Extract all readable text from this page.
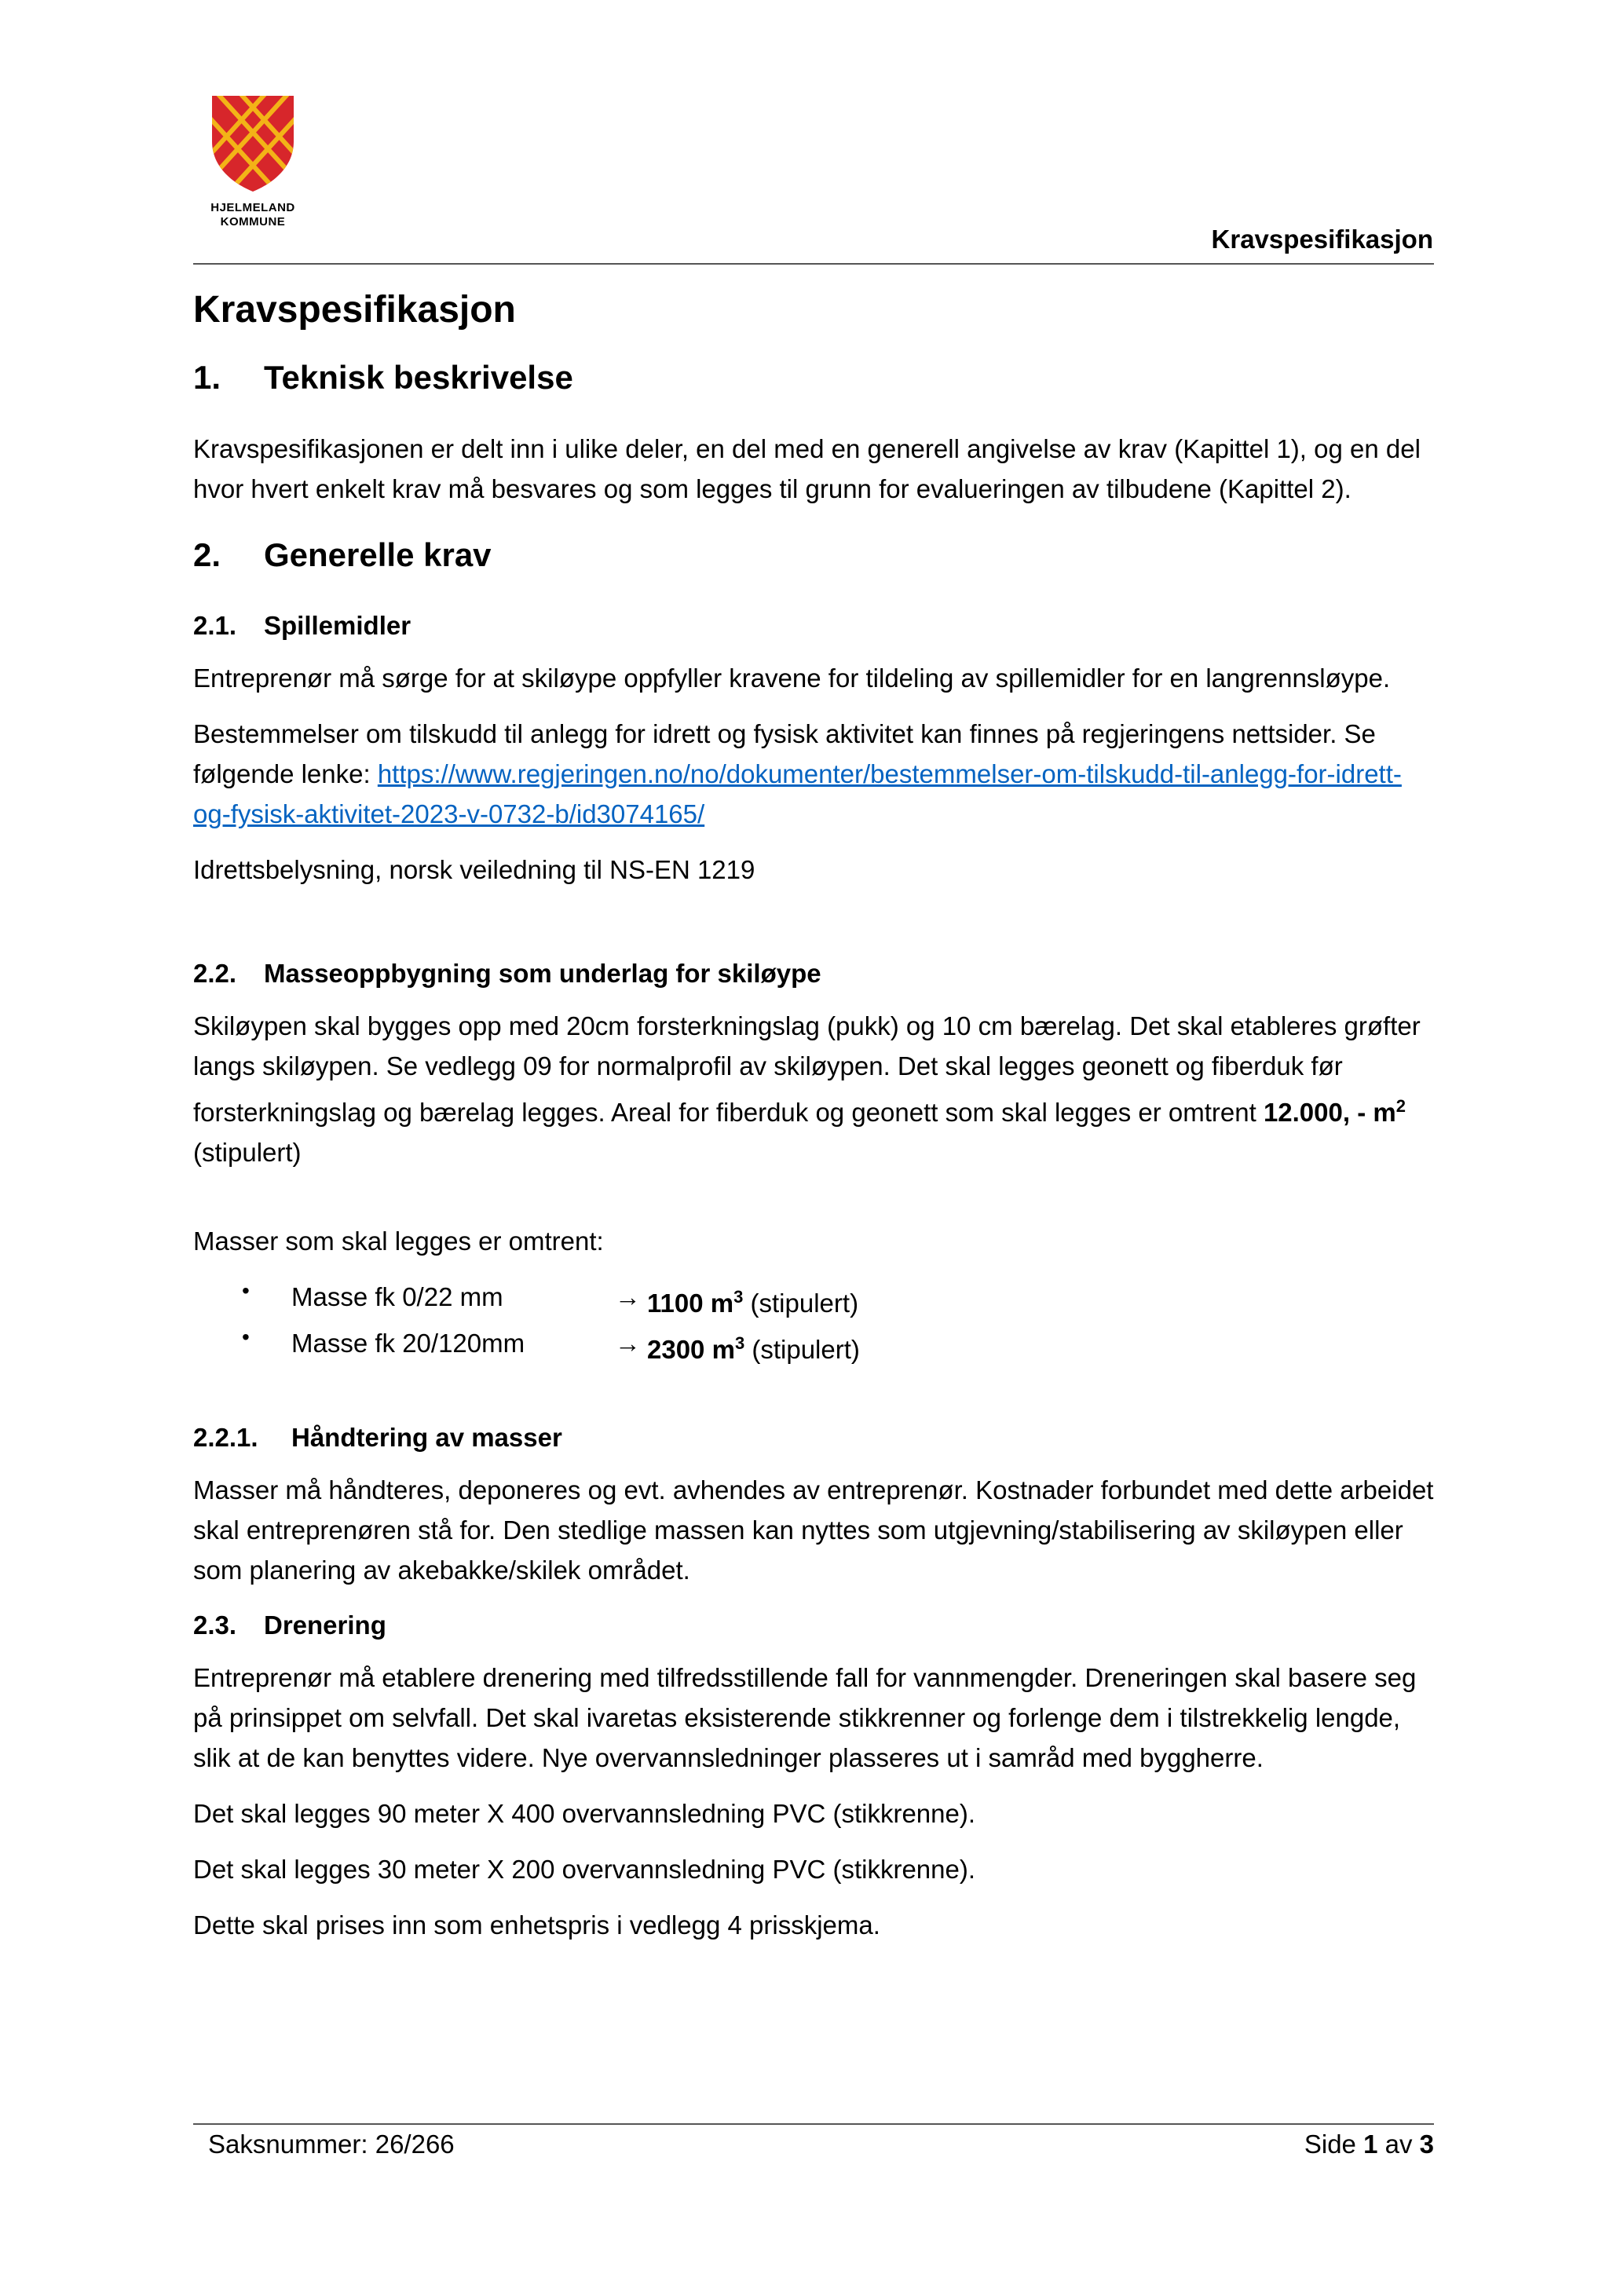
HJELMELAND
KOMMUNE
Kravspesifikasjon
Kravspesifikasjon
1.	Teknisk beskrivelse

Kravspesifikasjonen er delt inn i ulike deler, en del med en generell angivelse av krav (Kapittel 1), og en del hvor hvert enkelt krav må besvares og som legges til grunn for evalueringen av tilbudene (Kapittel 2).

2.	Generelle krav
2.1.	Spillemidler

Entreprenør må sørge for at skiløype oppfyller kravene for tildeling av spillemidler for en langrennsløype.

Bestemmelser om tilskudd til anlegg for idrett og fysisk aktivitet kan finnes på regjeringens nettsider. Se følgende lenke: https://www.regjeringen.no/no/dokumenter/bestemmelser-om-tilskudd-til-anlegg-for-idrett-og-fysisk-aktivitet-2023-v-0732-b/id3074165/

Idrettsbelysning, norsk veiledning til NS-EN 1219

2.2.	Masseoppbygning som underlag for skiløype

Skiløypen skal bygges opp med 20cm forsterkningslag (pukk) og 10 cm bærelag. Det skal etableres grøfter langs skiløypen. Se vedlegg 09 for normalprofil av skiløypen. Det skal legges geonett og fiberduk før forsterkningslag og bærelag legges. Areal for fiberduk og geonett som skal legges er omtrent 12.000, - $m^2$ (stipulert)

Masser som skal legges er omtrent:

•	Masse fk 0/22 mm	→ 1100 $m^3$ (stipulert)
•	Masse fk 20/120mm	→ 2300 $m^3$ (stipulert)
2.2.1.	Håndtering av masser

Masser må håndteres, deponeres og evt. avhendes av entreprenør. Kostnader forbundet med dette arbeidet skal entreprenøren stå for. Den stedlige massen kan nyttes som utgjevning/stabilisering av skiløypen eller som planering av akebakke/skilek området.

2.3.	Drenering

Entreprenør må etablere drenering med tilfredsstillende fall for vannmengder. Dreneringen skal basere seg på prinsippet om selvfall. Det skal ivaretas eksisterende stikkrenner og forlenge dem i tilstrekkelig lengde, slik at de kan benyttes videre. Nye overvannsledninger plasseres ut i samråd med byggherre.

Det skal legges 90 meter X 400 overvannsledning PVC (stikkrenne).

Det skal legges 30 meter X 200 overvannsledning PVC (stikkrenne).

Dette skal prises inn som enhetspris i vedlegg 4 prisskjema.

Saksnummer: 26/266	Side 1 av 3
